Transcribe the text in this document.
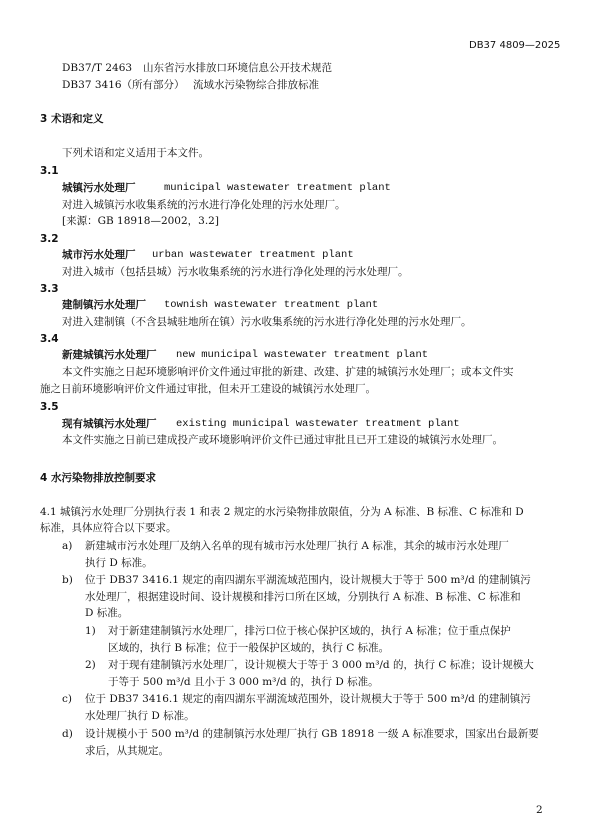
DB37 4809—2025
DB37/T 2463 山东省污水排放口环境信息公开技术规范
DB37 3416（所有部分） 流域水污染物综合排放标准
3 术语和定义
下列术语和定义适用于本文件。
3.1
城镇污水处理厂	municipal wastewater treatment plant
对进入城镇污水收集系统的污水进行净化处理的污水处理厂。
[来源：GB 18918—2002，3.2]
3.2
城市污水处理厂 urban wastewater treatment plant
对进入城市（包括县城）污水收集系统的污水进行净化处理的污水处理厂。
3.3
建制镇污水处理厂 townish wastewater treatment plant
对进入建制镇（不含县城驻地所在镇）污水收集系统的污水进行净化处理的污水处理厂。
3.4
新建城镇污水处理厂 new municipal wastewater treatment plant
本文件实施之日起环境影响评价文件通过审批的新建、改建、扩建的城镇污水处理厂；或本文件实
施之日前环境影响评价文件通过审批，但未开工建设的城镇污水处理厂。
3.5
现有城镇污水处理厂 existing municipal wastewater treatment plant
本文件实施之日前已建成投产或环境影响评价文件已通过审批且已开工建设的城镇污水处理厂。
4 水污染物排放控制要求
4.1 城镇污水处理厂分别执行表 1 和表 2 规定的水污染物排放限值，分为 A 标准、B 标准、C 标准和 D
标准，具体应符合以下要求。
a) 新建城市污水处理厂及纳入名单的现有城市污水处理厂执行 A 标准，其余的城市污水处理厂
执行 D 标准。
b) 位于 DB37 3416.1 规定的南四湖东平湖流域范围内，设计规模大于等于 500 m³/d 的建制镇污
水处理厂，根据建设时间、设计规模和排污口所在区域，分别执行 A 标准、B 标准、C 标准和
D 标准。
1) 对于新建建制镇污水处理厂，排污口位于核心保护区域的，执行 A 标准；位于重点保护
区域的，执行 B 标准；位于一般保护区域的，执行 C 标准。
2) 对于现有建制镇污水处理厂，设计规模大于等于 3 000 m³/d 的，执行 C 标准；设计规模大
于等于 500 m³/d 且小于 3 000 m³/d 的，执行 D 标准。
c) 位于 DB37 3416.1 规定的南四湖东平湖流域范围外，设计规模大于等于 500 m³/d 的建制镇污
水处理厂执行 D 标准。
d) 设计规模小于 500 m³/d 的建制镇污水处理厂执行 GB 18918 一级 A 标准要求，国家出台最新要
求后，从其规定。
2
